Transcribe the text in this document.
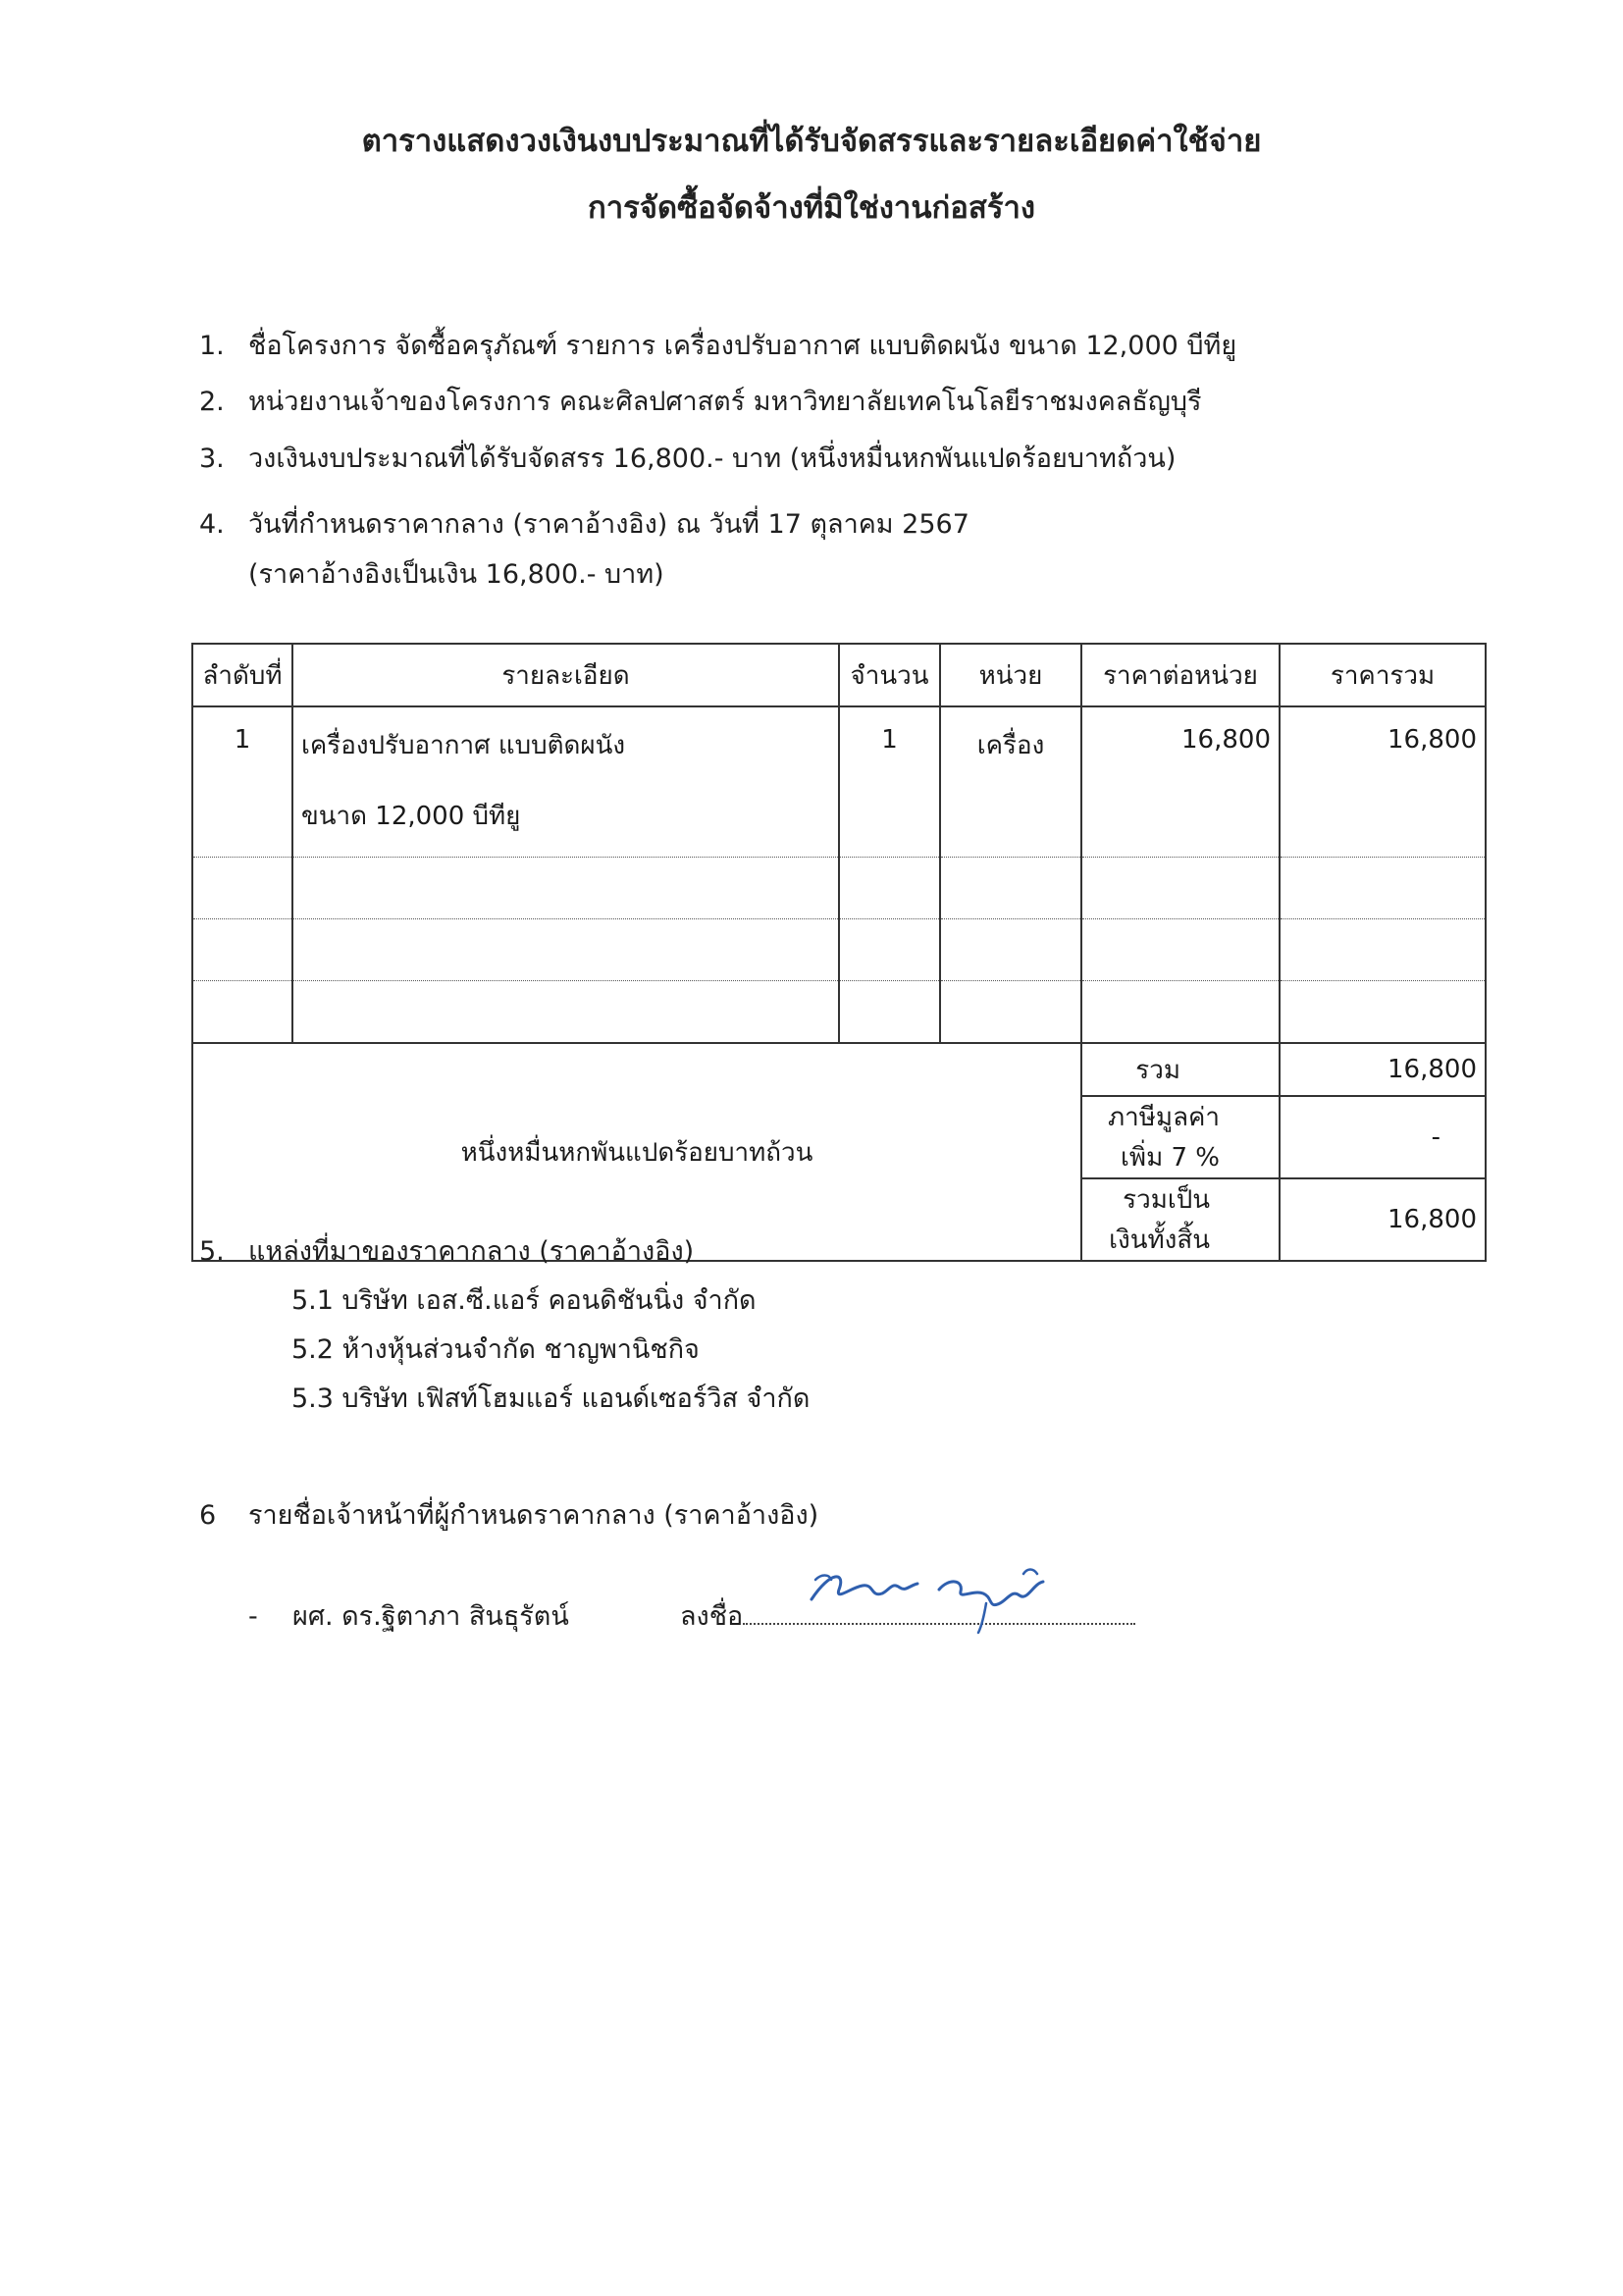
ตารางแสดงวงเงินงบประมาณที่ได้รับจัดสรรและรายละเอียดค่าใช้จ่าย
การจัดซื้อจัดจ้างที่มิใช่งานก่อสร้าง
1. ชื่อโครงการ จัดซื้อครุภัณฑ์ รายการ เครื่องปรับอากาศ แบบติดผนัง ขนาด 12,000 บีทียู
2. หน่วยงานเจ้าของโครงการ คณะศิลปศาสตร์ มหาวิทยาลัยเทคโนโลยีราชมงคลธัญบุรี
3. วงเงินงบประมาณที่ได้รับจัดสรร 16,800.- บาท (หนึ่งหมื่นหกพันแปดร้อยบาทถ้วน)
4. วันที่กำหนดราคากลาง (ราคาอ้างอิง) ณ วันที่ 17 ตุลาคม 2567
(ราคาอ้างอิงเป็นเงิน 16,800.- บาท)
ลำดับที่	รายละเอียด	จำนวน	หน่วย	ราคาต่อหน่วย	ราคารวม
1	เครื่องปรับอากาศ แบบติดผนัง	1	เครื่อง	16,800	16,800
	ขนาด 12,000 บีทียู				

หนึ่งหมื่นหกพันแปดร้อยบาทถ้วน				รวม	16,800
				ภาษีมูลค่าเพิ่ม 7 %	-
				รวมเป็นเงินทั้งสิ้น	16,800
5. แหล่งที่มาของราคากลาง (ราคาอ้างอิง)
5.1 บริษัท เอส.ซี.แอร์ คอนดิชันนิ่ง จำกัด
5.2 ห้างหุ้นส่วนจำกัด ชาญพานิชกิจ
5.3 บริษัท เฟิสท์โฮมแอร์ แอนด์เซอร์วิส จำกัด
6 รายชื่อเจ้าหน้าที่ผู้กำหนดราคากลาง (ราคาอ้างอิง)
- ผศ. ดร.ฐิตาภา สินธุรัตน์	ลงชื่อ
